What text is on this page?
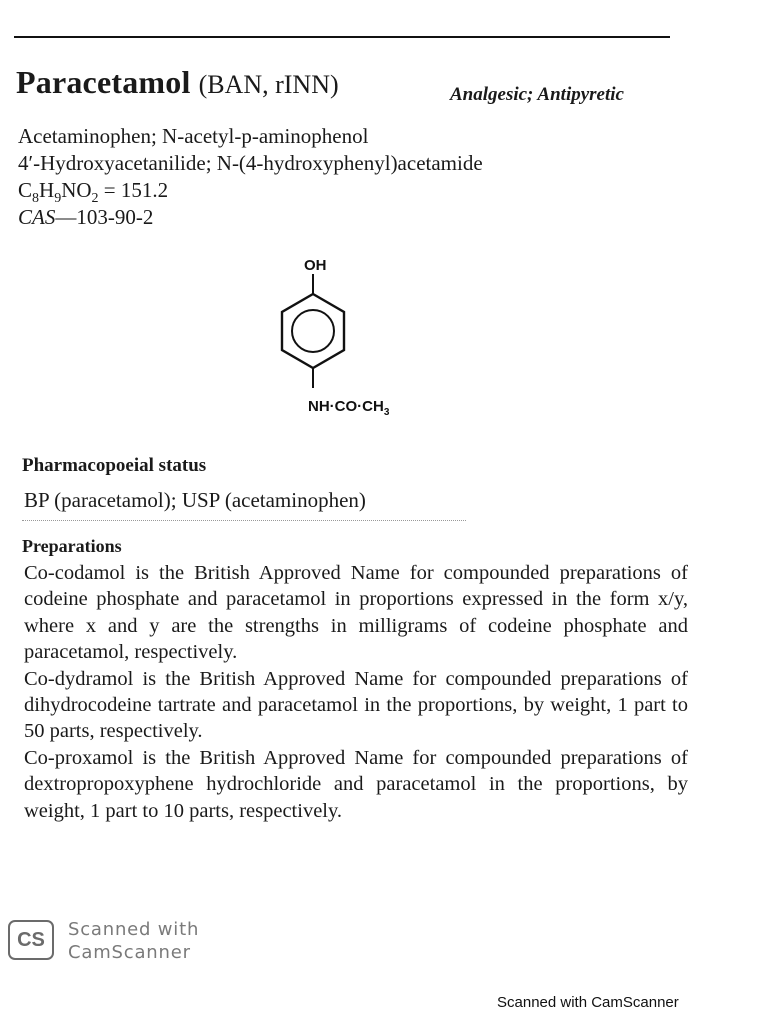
Paracetamol (BAN, rINN)	Analgesic; Antipyretic
Acetaminophen; N-acetyl-p-aminophenol
4′-Hydroxyacetanilide; N-(4-hydroxyphenyl)acetamide
$C_8H_9NO_2 = 151.2$
CAS—103-90-2
OH
$NH\cdot CO\cdot CH_3$
Pharmacopoeial status
BP (paracetamol); USP (acetaminophen)
Preparations

Co-codamol is the British Approved Name for compounded preparations of codeine phosphate and paracetamol in proportions expressed in the form x/y, where x and y are the strengths in milligrams of codeine phosphate and paracetamol, respectively.

Co-dydramol is the British Approved Name for compounded preparations of dihydrocodeine tartrate and paracetamol in the proportions, by weight, 1 part to 50 parts, respectively.

Co-proxamol is the British Approved Name for compounded preparations of dextropropoxyphene hydrochloride and paracetamol in the proportions, by weight, 1 part to 10 parts, respectively.

CS	Scanned with
CamScanner
Scanned with CamScanner
